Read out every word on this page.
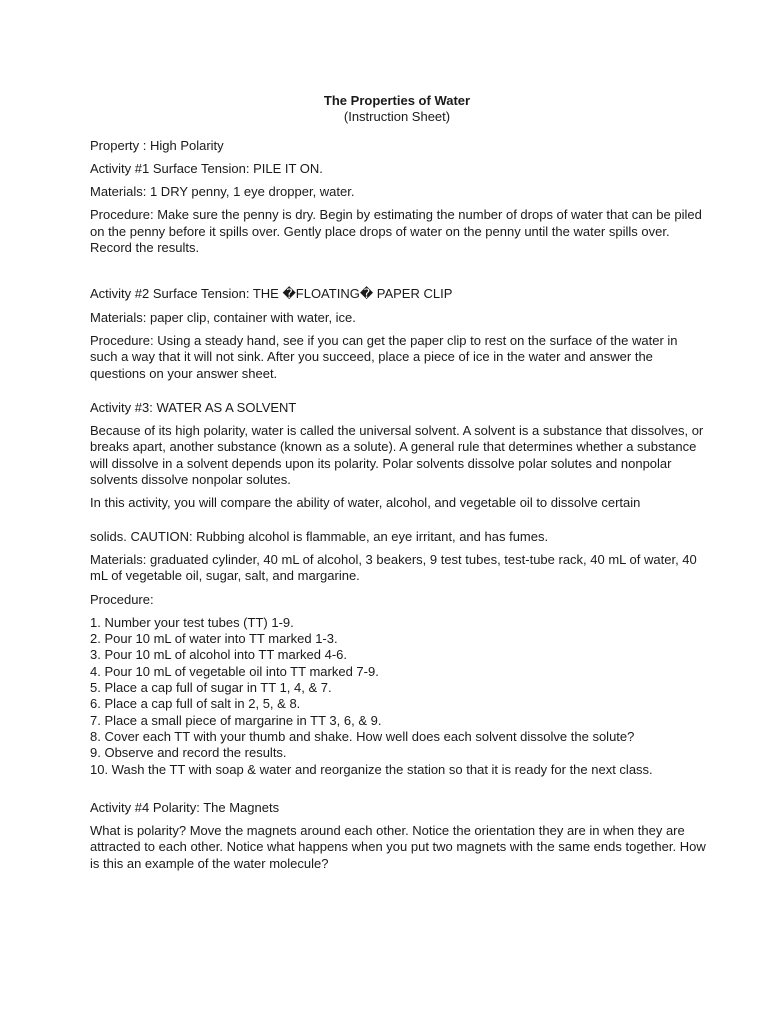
The Properties of Water

(Instruction Sheet)

Property : High Polarity

Activity #1 Surface Tension: PILE IT ON.

Materials: 1 DRY penny, 1 eye dropper, water.

Procedure: Make sure the penny is dry. Begin by estimating the number of drops of water that can be piled on the penny before it spills over. Gently place drops of water on the penny until the water spills over. Record the results.

Activity #2 Surface Tension: THE �FLOATING� PAPER CLIP

Materials: paper clip, container with water, ice.

Procedure: Using a steady hand, see if you can get the paper clip to rest on the surface of the water in such a way that it will not sink. After you succeed, place a piece of ice in the water and answer the questions on your answer sheet.

Activity #3: WATER AS A SOLVENT

Because of its high polarity, water is called the universal solvent. A solvent is a substance that dissolves, or breaks apart, another substance (known as a solute). A general rule that determines whether a substance will dissolve in a solvent depends upon its polarity. Polar solvents dissolve polar solutes and nonpolar solvents dissolve nonpolar solutes.

In this activity, you will compare the ability of water, alcohol, and vegetable oil to dissolve certain

solids. CAUTION: Rubbing alcohol is flammable, an eye irritant, and has fumes.

Materials: graduated cylinder, 40 mL of alcohol, 3 beakers, 9 test tubes, test-tube rack, 40 mL of water, 40 mL of vegetable oil, sugar, salt, and margarine.

Procedure:

1. Number your test tubes (TT) 1-9.
2. Pour 10 mL of water into TT marked 1-3.
3. Pour 10 mL of alcohol into TT marked 4-6.
4. Pour 10 mL of vegetable oil into TT marked 7-9.
5. Place a cap full of sugar in TT 1, 4, & 7.
6. Place a cap full of salt in 2, 5, & 8.
7. Place a small piece of margarine in TT 3, 6, & 9.
8. Cover each TT with your thumb and shake. How well does each solvent dissolve the solute?
9. Observe and record the results.
10. Wash the TT with soap & water and reorganize the station so that it is ready for the next class.

Activity #4 Polarity: The Magnets

What is polarity? Move the magnets around each other. Notice the orientation they are in when they are attracted to each other. Notice what happens when you put two magnets with the same ends together. How is this an example of the water molecule?
